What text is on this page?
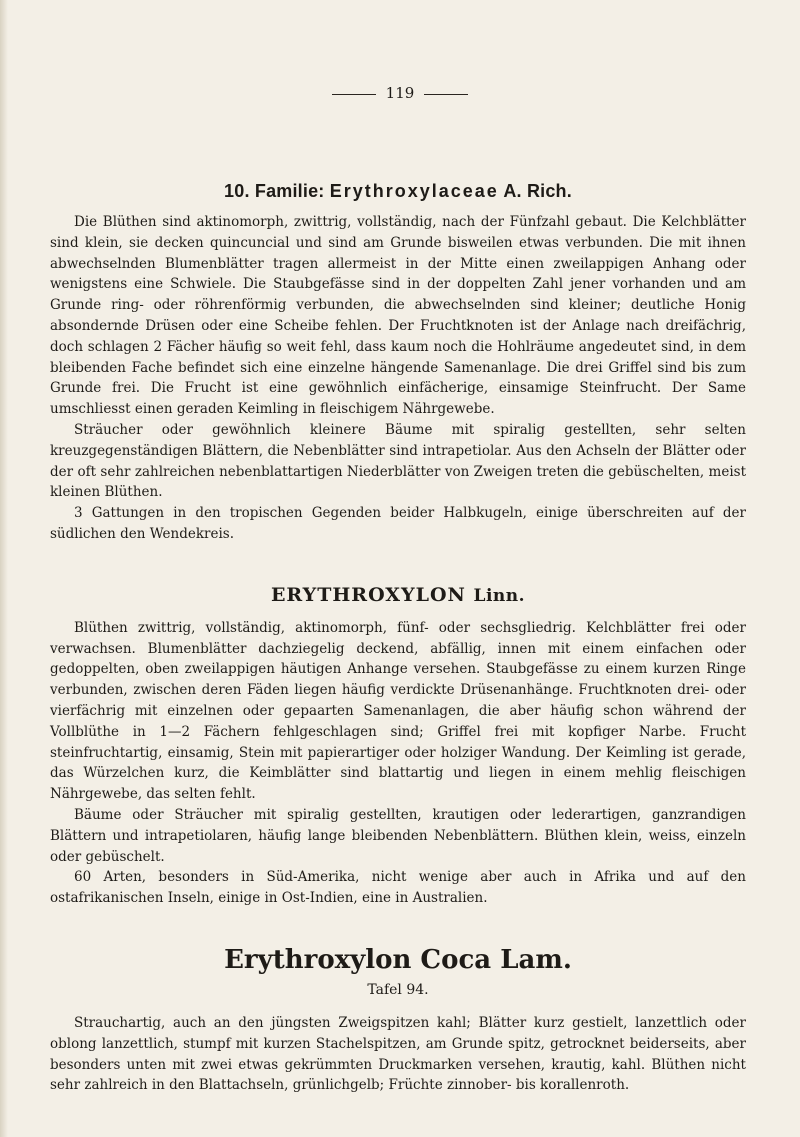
119
10. Familie: Erythroxylaceae A. Rich.

Die Blüthen sind aktinomorph, zwittrig, vollständig, nach der Fünfzahl gebaut. Die Kelchblätter sind klein, sie decken quincuncial und sind am Grunde bisweilen etwas verbunden. Die mit ihnen abwechselnden Blumenblätter tragen allermeist in der Mitte einen zweilappigen Anhang oder wenigstens eine Schwiele. Die Staubgefässe sind in der doppelten Zahl jener vorhanden und am Grunde ring- oder röhrenförmig verbunden, die abwechselnden sind kleiner; deutliche Honig absondernde Drüsen oder eine Scheibe fehlen. Der Fruchtknoten ist der Anlage nach dreifächrig, doch schlagen 2 Fächer häufig so weit fehl, dass kaum noch die Hohlräume angedeutet sind, in dem bleibenden Fache befindet sich eine einzelne hängende Samenanlage. Die drei Griffel sind bis zum Grunde frei. Die Frucht ist eine gewöhnlich einfächerige, einsamige Steinfrucht. Der Same umschliesst einen geraden Keimling in fleischigem Nährgewebe.

Sträucher oder gewöhnlich kleinere Bäume mit spiralig gestellten, sehr selten kreuzgegenständigen Blättern, die Nebenblätter sind intrapetiolar. Aus den Achseln der Blätter oder der oft sehr zahlreichen nebenblattartigen Niederblätter von Zweigen treten die gebüschelten, meist kleinen Blüthen.

3 Gattungen in den tropischen Gegenden beider Halbkugeln, einige überschreiten auf der südlichen den Wendekreis.

ERYTHROXYLON Linn.

Blüthen zwittrig, vollständig, aktinomorph, fünf- oder sechsgliedrig. Kelchblätter frei oder verwachsen. Blumenblätter dachziegelig deckend, abfällig, innen mit einem einfachen oder gedoppelten, oben zweilappigen häutigen Anhange versehen. Staubgefässe zu einem kurzen Ringe verbunden, zwischen deren Fäden liegen häufig verdickte Drüsenanhänge. Fruchtknoten drei- oder vierfächrig mit einzelnen oder gepaarten Samenanlagen, die aber häufig schon während der Vollblüthe in 1—2 Fächern fehlgeschlagen sind; Griffel frei mit kopfiger Narbe. Frucht steinfruchtartig, einsamig, Stein mit papierartiger oder holziger Wandung. Der Keimling ist gerade, das Würzelchen kurz, die Keimblätter sind blattartig und liegen in einem mehlig fleischigen Nährgewebe, das selten fehlt.

Bäume oder Sträucher mit spiralig gestellten, krautigen oder lederartigen, ganzrandigen Blättern und intrapetiolaren, häufig lange bleibenden Nebenblättern. Blüthen klein, weiss, einzeln oder gebüschelt.

60 Arten, besonders in Süd-Amerika, nicht wenige aber auch in Afrika und auf den ostafrikanischen Inseln, einige in Ost-Indien, eine in Australien.

Erythroxylon Coca Lam.
Tafel 94.

Strauchartig, auch an den jüngsten Zweigspitzen kahl; Blätter kurz gestielt, lanzettlich oder oblong lanzettlich, stumpf mit kurzen Stachelspitzen, am Grunde spitz, getrocknet beiderseits, aber besonders unten mit zwei etwas gekrümmten Druckmarken versehen, krautig, kahl. Blüthen nicht sehr zahlreich in den Blattachseln, grünlichgelb; Früchte zinnober- bis korallenroth.
